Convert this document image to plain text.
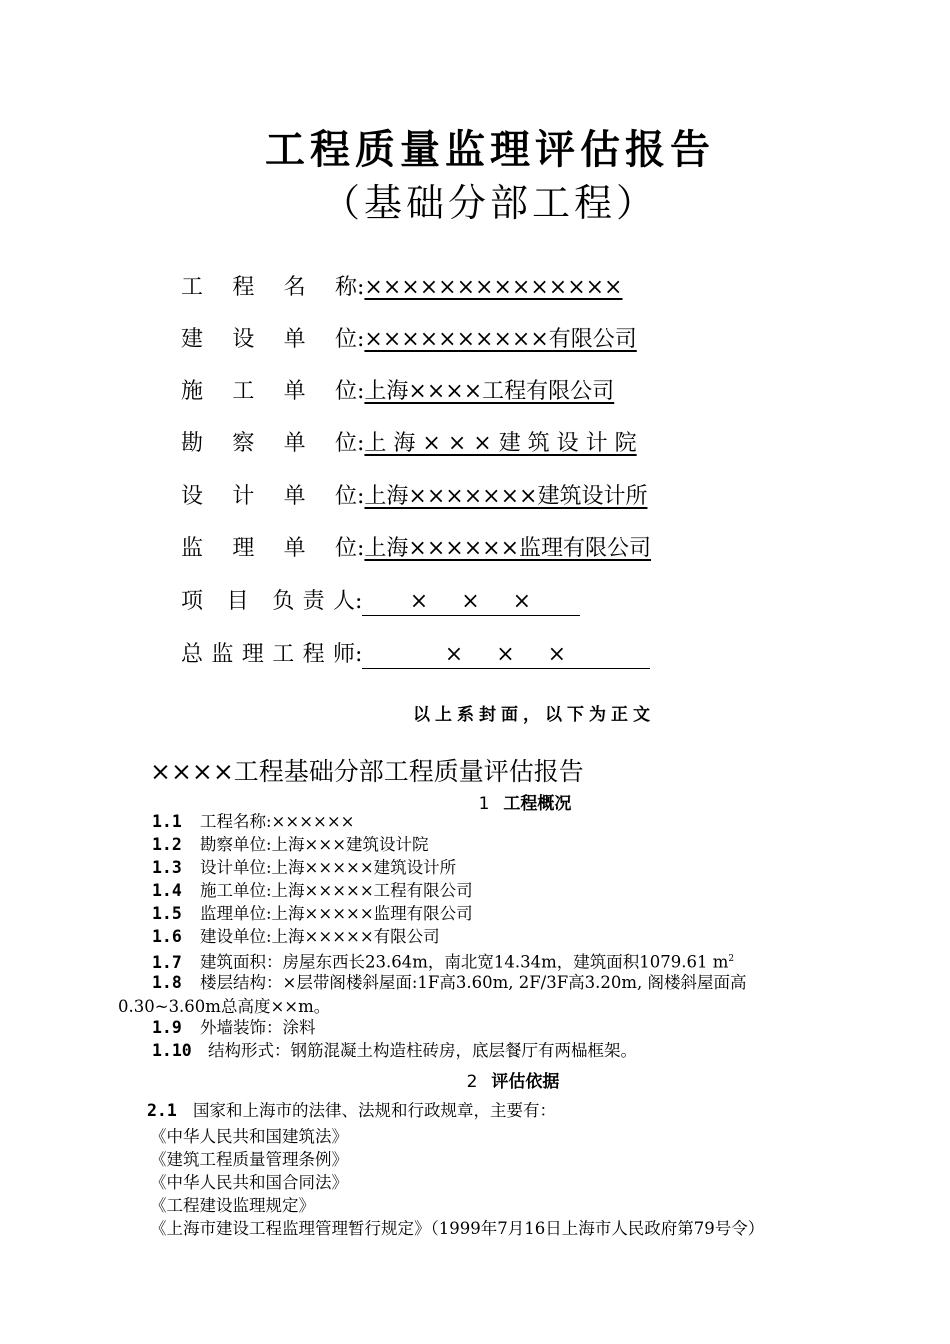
工程质量监理评估报告
（基础分部工程）
工 程 名 称:××××××××××××××
建 设 单 位:××××××××××有限公司
施 工 单 位:上海××××工程有限公司
勘 察 单 位:上 海 × × × 建 筑 设 计 院
设 计 单 位:上海×××××××建筑设计所
监 理 单 位:上海××××××监理有限公司
项 目 负责人: × × ×
总监理工程师:	× × ×
以上系封面，以下为正文
××××工程基础分部工程质量评估报告
1 工程概况
1.1 工程名称:××××××
1.2 勘察单位:上海×××建筑设计院
1.3 设计单位:上海×××××建筑设计所
1.4 施工单位:上海×××××工程有限公司
1.5 监理单位:上海×××××监理有限公司
1.6 建设单位:上海×××××有限公司
1.7 建筑面积：房屋东西长23.64m，南北宽14.34m，建筑面积1079.61 $m^2$
1.8 楼层结构：×层带阁楼斜屋面:1F高3.60m, 2F/3F高3.20m, 阁楼斜屋面高
0.30~3.60m总高度××m。
1.9 外墙装饰：涂料
1.10 结构形式：钢筋混凝土构造柱砖房，底层餐厅有两榀框架。
2 评估依据
2.1 国家和上海市的法律、法规和行政规章，主要有：
《中华人民共和国建筑法》
《建筑工程质量管理条例》
《中华人民共和国合同法》
《工程建设监理规定》
《上海市建设工程监理管理暂行规定》（1999年7月16日上海市人民政府第79号令）
